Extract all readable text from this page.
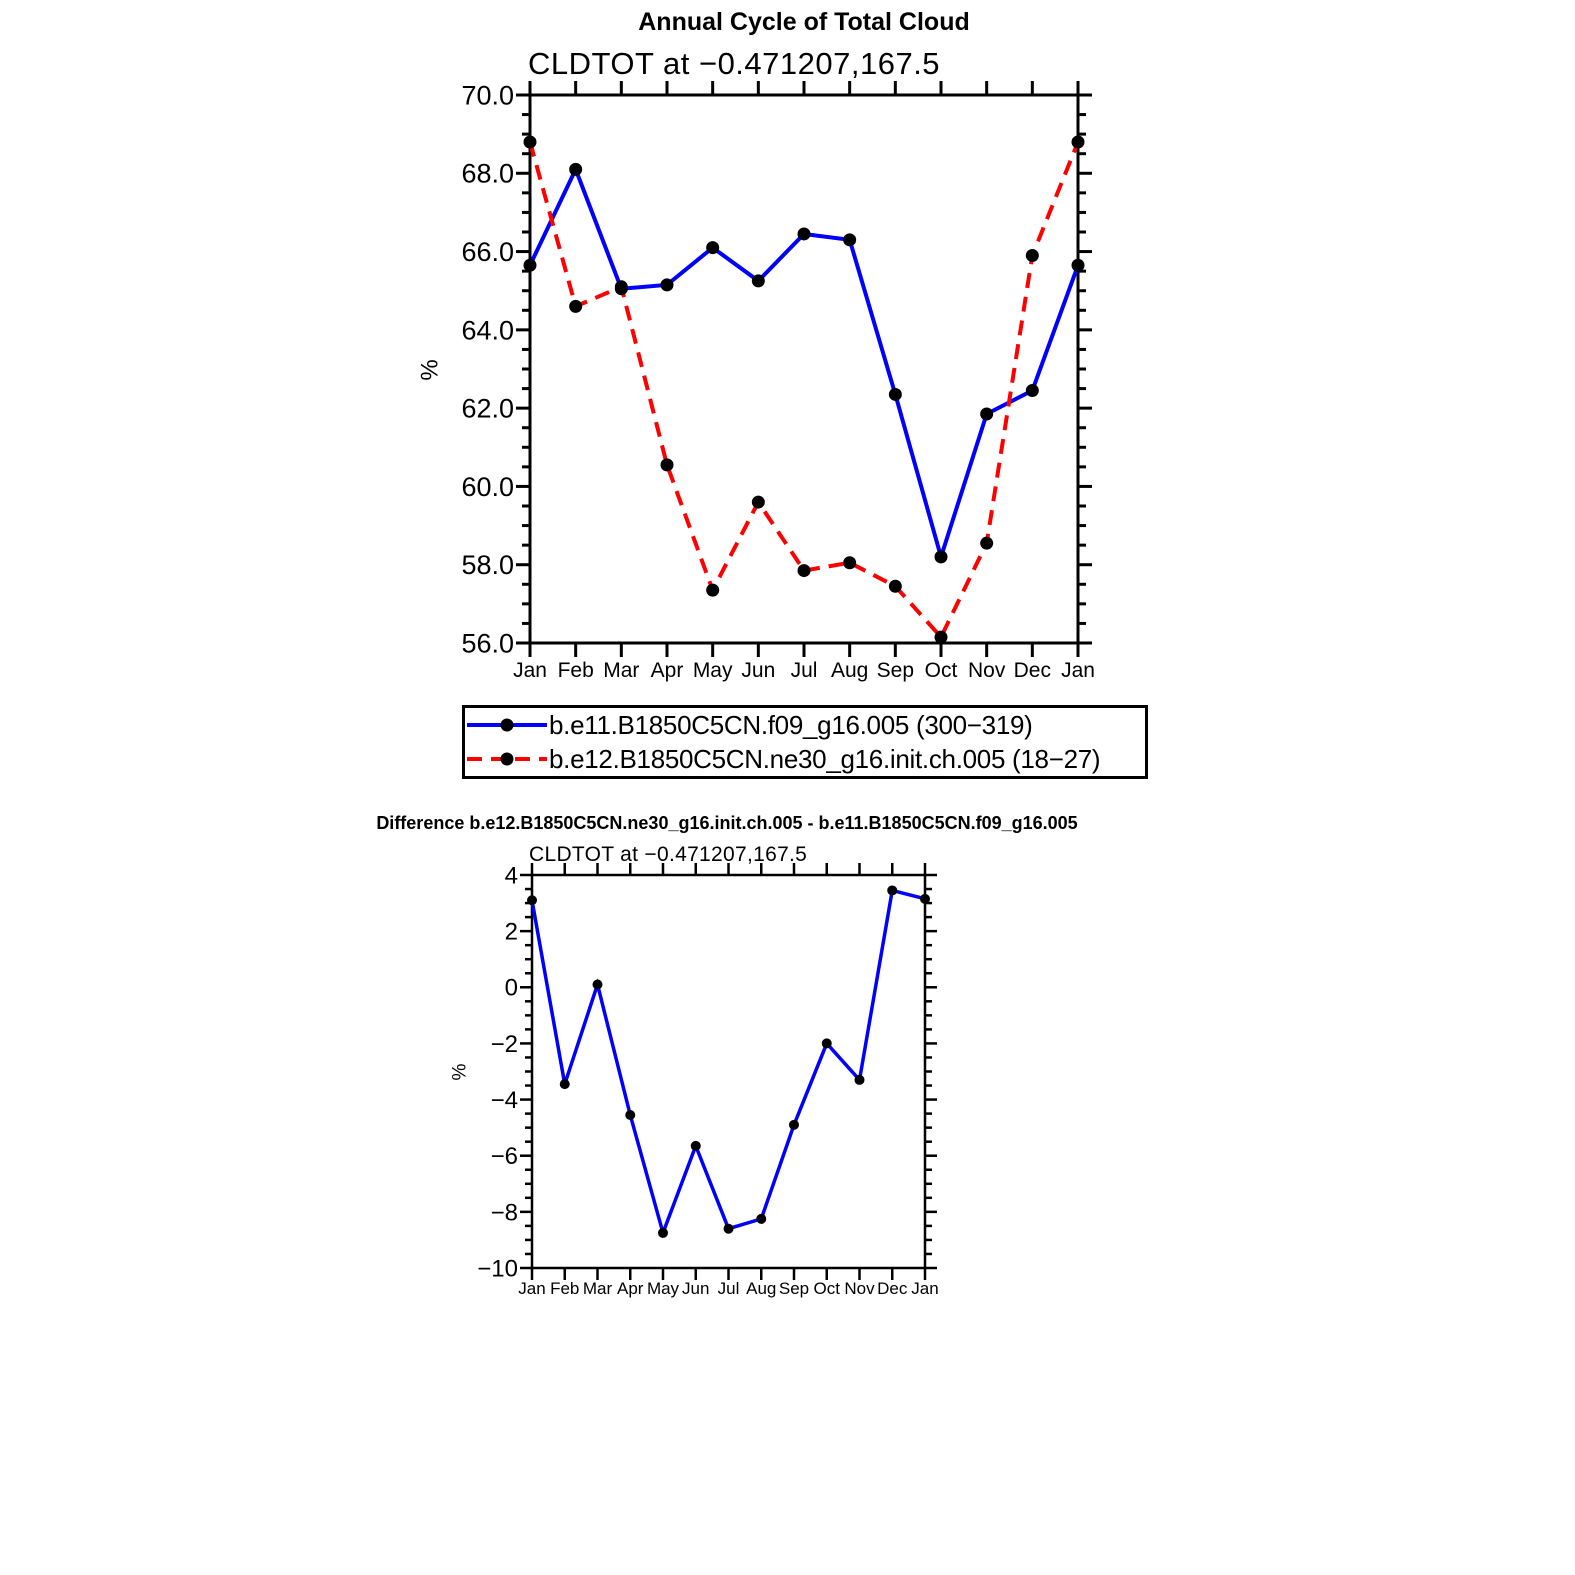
Jan Feb Mar Apr May Jun Jul Aug Sep Oct Nov Dec Jan
56.0
58.0
60.0
62.0
64.0
66.0
68.0
70.0
Jan Feb Mar Apr May Jun Jul Aug Sep Oct Nov Dec Jan
−10
−8
−6
−4
−2
0
2
4
Annual Cycle of Total Cloud
CLDTOT at −0.471207,167.5
%
b.e11.B1850C5CN.f09_g16.005 (300−319)
b.e12.B1850C5CN.ne30_g16.init.ch.005 (18−27)
Difference b.e12.B1850C5CN.ne30_g16.init.ch.005 - b.e11.B1850C5CN.f09_g16.005
CLDTOT at −0.471207,167.5
%
